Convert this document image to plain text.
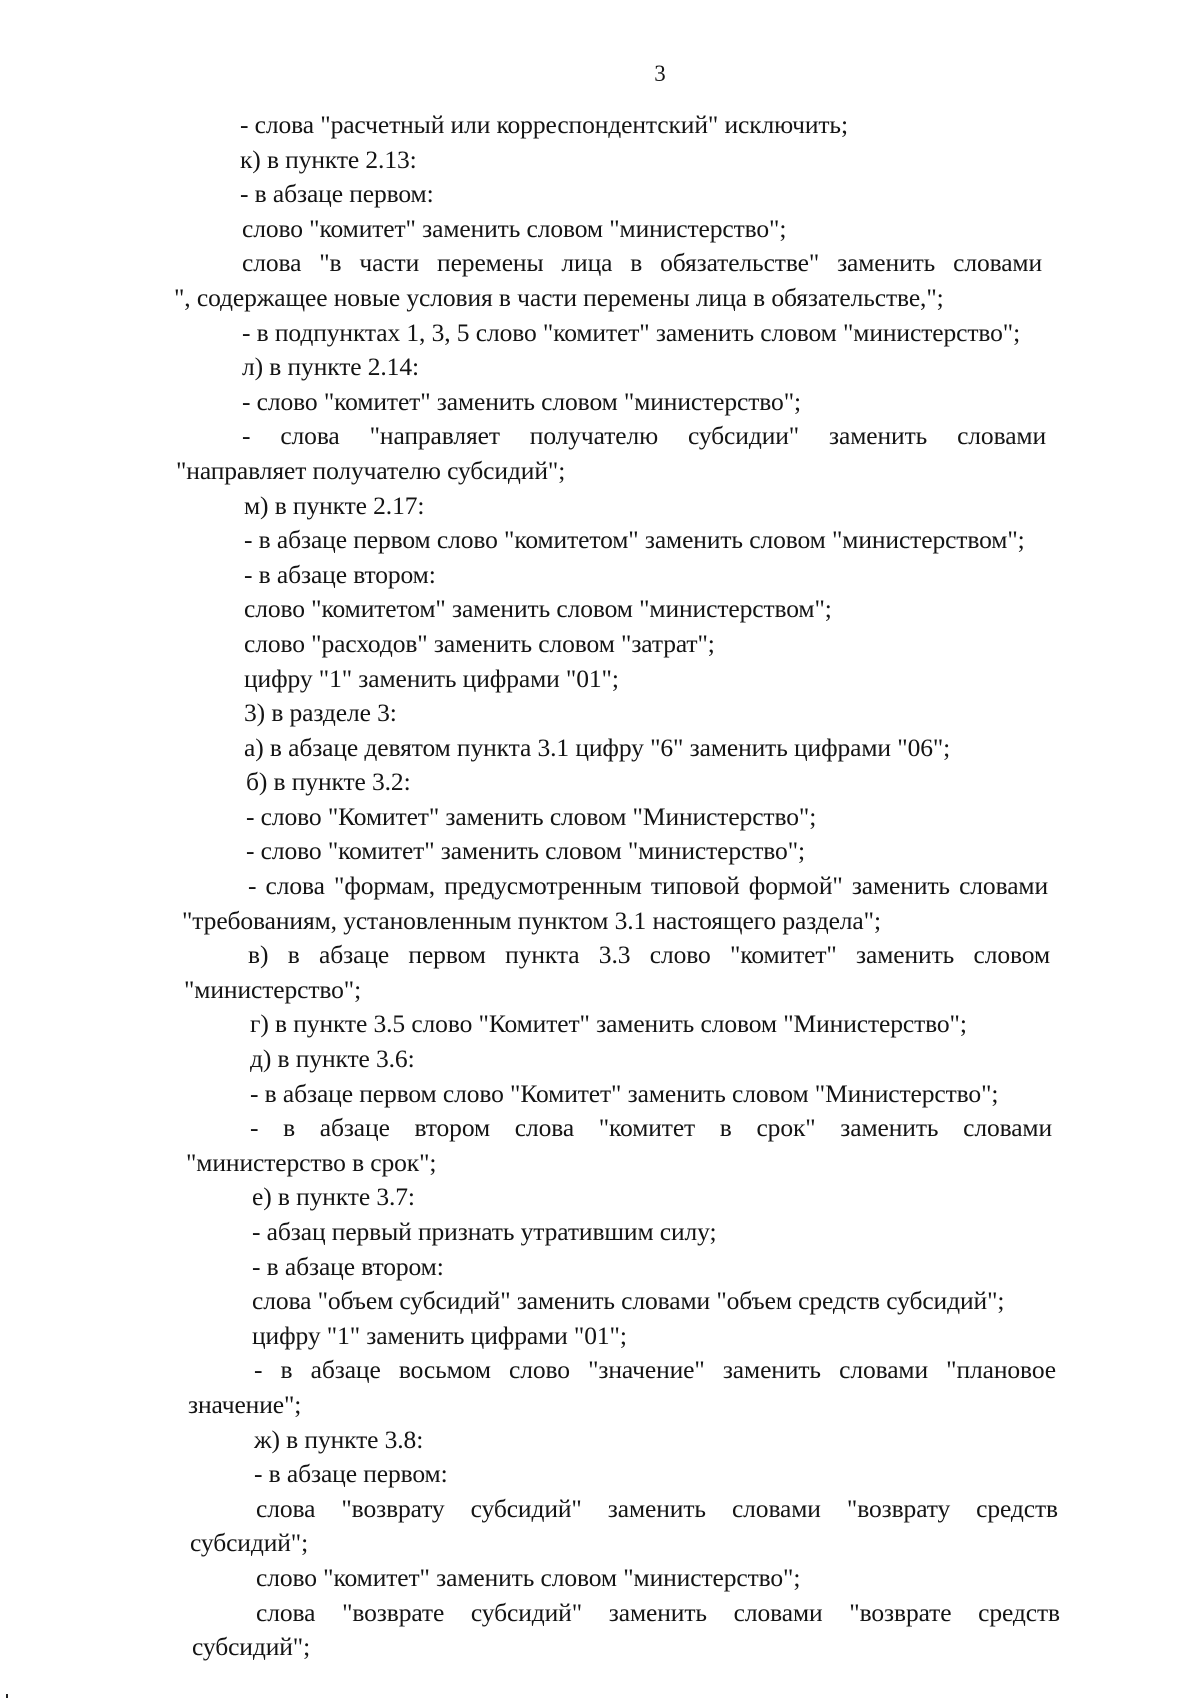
3
- слова "расчетный или корреспондентский" исключить;
к) в пункте 2.13:
- в абзаце первом:
слово "комитет" заменить словом "министерство";
слова "в части перемены лица в обязательстве" заменить словами
", содержащее новые условия в части перемены лица в обязательстве,";
- в подпунктах 1, 3, 5 слово "комитет" заменить словом "министерство";
л) в пункте 2.14:
- слово "комитет" заменить словом "министерство";
- слова "направляет получателю субсидии" заменить словами
"направляет получателю субсидий";
м) в пункте 2.17:
- в абзаце первом слово "комитетом" заменить словом "министерством";
- в абзаце втором:
слово "комитетом" заменить словом "министерством";
слово "расходов" заменить словом "затрат";
цифру "1" заменить цифрами "01";
3) в разделе 3:
а) в абзаце девятом пункта 3.1 цифру "6" заменить цифрами "06";
б) в пункте 3.2:
- слово "Комитет" заменить словом "Министерство";
- слово "комитет" заменить словом "министерство";
- слова "формам, предусмотренным типовой формой" заменить словами
"требованиям, установленным пунктом 3.1 настоящего раздела";
в) в абзаце первом пункта 3.3 слово "комитет" заменить словом
"министерство";
г) в пункте 3.5 слово "Комитет" заменить словом "Министерство";
д) в пункте 3.6:
- в абзаце первом слово "Комитет" заменить словом "Министерство";
- в абзаце втором слова "комитет в срок" заменить словами
"министерство в срок";
е) в пункте 3.7:
- абзац первый признать утратившим силу;
- в абзаце втором:
слова "объем субсидий" заменить словами "объем средств субсидий";
цифру "1" заменить цифрами "01";
- в абзаце восьмом слово "значение" заменить словами "плановое
значение";
ж) в пункте 3.8:
- в абзаце первом:
слова "возврату субсидий" заменить словами "возврату средств
субсидий";
слово "комитет" заменить словом "министерство";
слова "возврате субсидий" заменить словами "возврате средств
субсидий";
